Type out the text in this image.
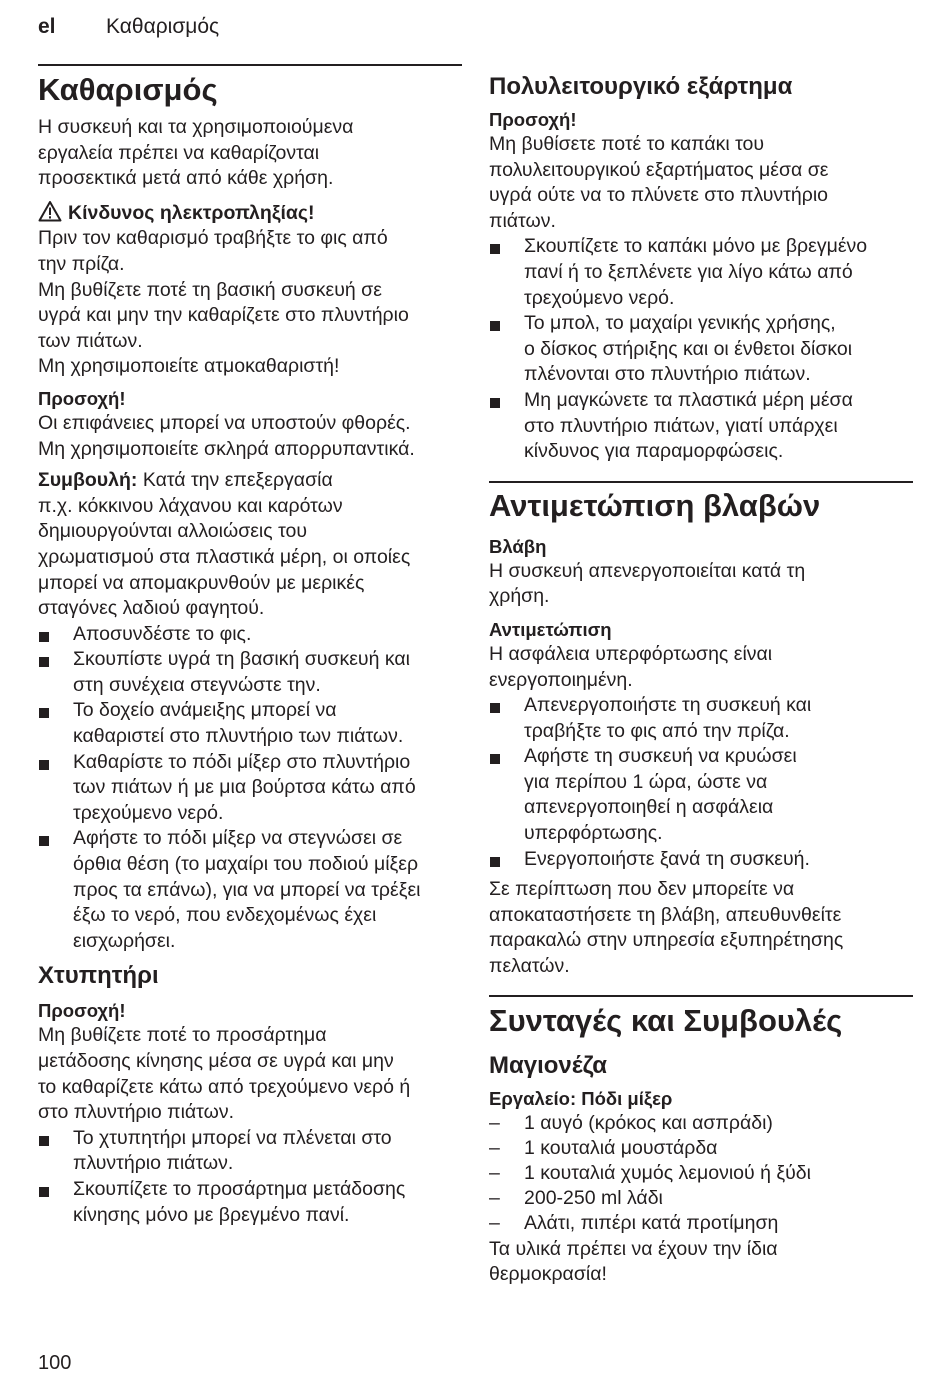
el Καθαρισμός
Καθαρισμός
Η συσκευή και τα χρησιμοποιούμενα
εργαλεία πρέπει να καθαρίζονται
προσεκτικά μετά από κάθε χρήση.
Κίνδυνος ηλεκτροπληξίας!
Πριν τον καθαρισμό τραβήξτε το φις από
την πρίζα.
Μη βυθίζετε ποτέ τη βασική συσκευή σε
υγρά και μην την καθαρίζετε στο πλυντήριο
των πιάτων.
Μη χρησιμοποιείτε ατμοκαθαριστή!
Προσοχή!
Οι επιφάνειες μπορεί να υποστούν φθορές.
Μη χρησιμοποιείτε σκληρά απορρυπαντικά.
Συμβουλή: Κατά την επεξεργασία
π.χ. κόκκινου λάχανου και καρότων
δημιουργούνται αλλοιώσεις του
χρωματισμού στα πλαστικά μέρη, οι οποίες
μπορεί να απομακρυνθούν με μερικές
σταγόνες λαδιού φαγητού.
Αποσυνδέστε το φις.
Σκουπίστε υγρά τη βασική συσκευή και
στη συνέχεια στεγνώστε την.
Το δοχείο ανάμειξης μπορεί να
καθαριστεί στο πλυντήριο των πιάτων.
Καθαρίστε το πόδι μίξερ στο πλυντήριο
των πιάτων ή με μια βούρτσα κάτω από
τρεχούμενο νερό.
Αφήστε το πόδι μίξερ να στεγνώσει σε
όρθια θέση (το μαχαίρι του ποδιού μίξερ
προς τα επάνω), για να μπορεί να τρέξει
έξω το νερό, που ενδεχομένως έχει
εισχωρήσει.
Χτυπητήρι
Προσοχή!
Μη βυθίζετε ποτέ το προσάρτημα
μετάδοσης κίνησης μέσα σε υγρά και μην
το καθαρίζετε κάτω από τρεχούμενο νερό ή
στο πλυντήριο πιάτων.
Το χτυπητήρι μπορεί να πλένεται στο
πλυντήριο πιάτων.
Σκουπίζετε το προσάρτημα μετάδοσης
κίνησης μόνο με βρεγμένο πανί.
Πολυλειτουργικό εξάρτημα
Προσοχή!
Μη βυθίσετε ποτέ το καπάκι του
πολυλειτουργικού εξαρτήματος μέσα σε
υγρά ούτε να το πλύνετε στο πλυντήριο
πιάτων.
Σκουπίζετε το καπάκι μόνο με βρεγμένο
πανί ή το ξεπλένετε για λίγο κάτω από
τρεχούμενο νερό.
Το μπολ, το μαχαίρι γενικής χρήσης,
ο δίσκος στήριξης και οι ένθετοι δίσκοι
πλένονται στο πλυντήριο πιάτων.
Μη μαγκώνετε τα πλαστικά μέρη μέσα
στο πλυντήριο πιάτων, γιατί υπάρχει
κίνδυνος για παραμορφώσεις.
Αντιμετώπιση βλαβών
Βλάβη
Η συσκευή απενεργοποιείται κατά τη
χρήση.
Αντιμετώπιση
Η ασφάλεια υπερφόρτωσης είναι
ενεργοποιημένη.
Απενεργοποιήστε τη συσκευή και
τραβήξτε το φις από την πρίζα.
Αφήστε τη συσκευή να κρυώσει
για περίπου 1 ώρα, ώστε να
απενεργοποιηθεί η ασφάλεια
υπερφόρτωσης.
Ενεργοποιήστε ξανά τη συσκευή.
Σε περίπτωση που δεν μπορείτε να
αποκαταστήσετε τη βλάβη, απευθυνθείτε
παρακαλώ στην υπηρεσία εξυπηρέτησης
πελατών.
Συνταγές και Συμβουλές
Μαγιονέζα
Εργαλείο: Πόδι μίξερ
– 1 αυγό (κρόκος και ασπράδι)
– 1 κουταλιά μουστάρδα
– 1 κουταλιά χυμός λεμονιού ή ξύδι
– 200-250 ml λάδι
– Αλάτι, πιπέρι κατά προτίμηση
Τα υλικά πρέπει να έχουν την ίδια
θερμοκρασία!
100
